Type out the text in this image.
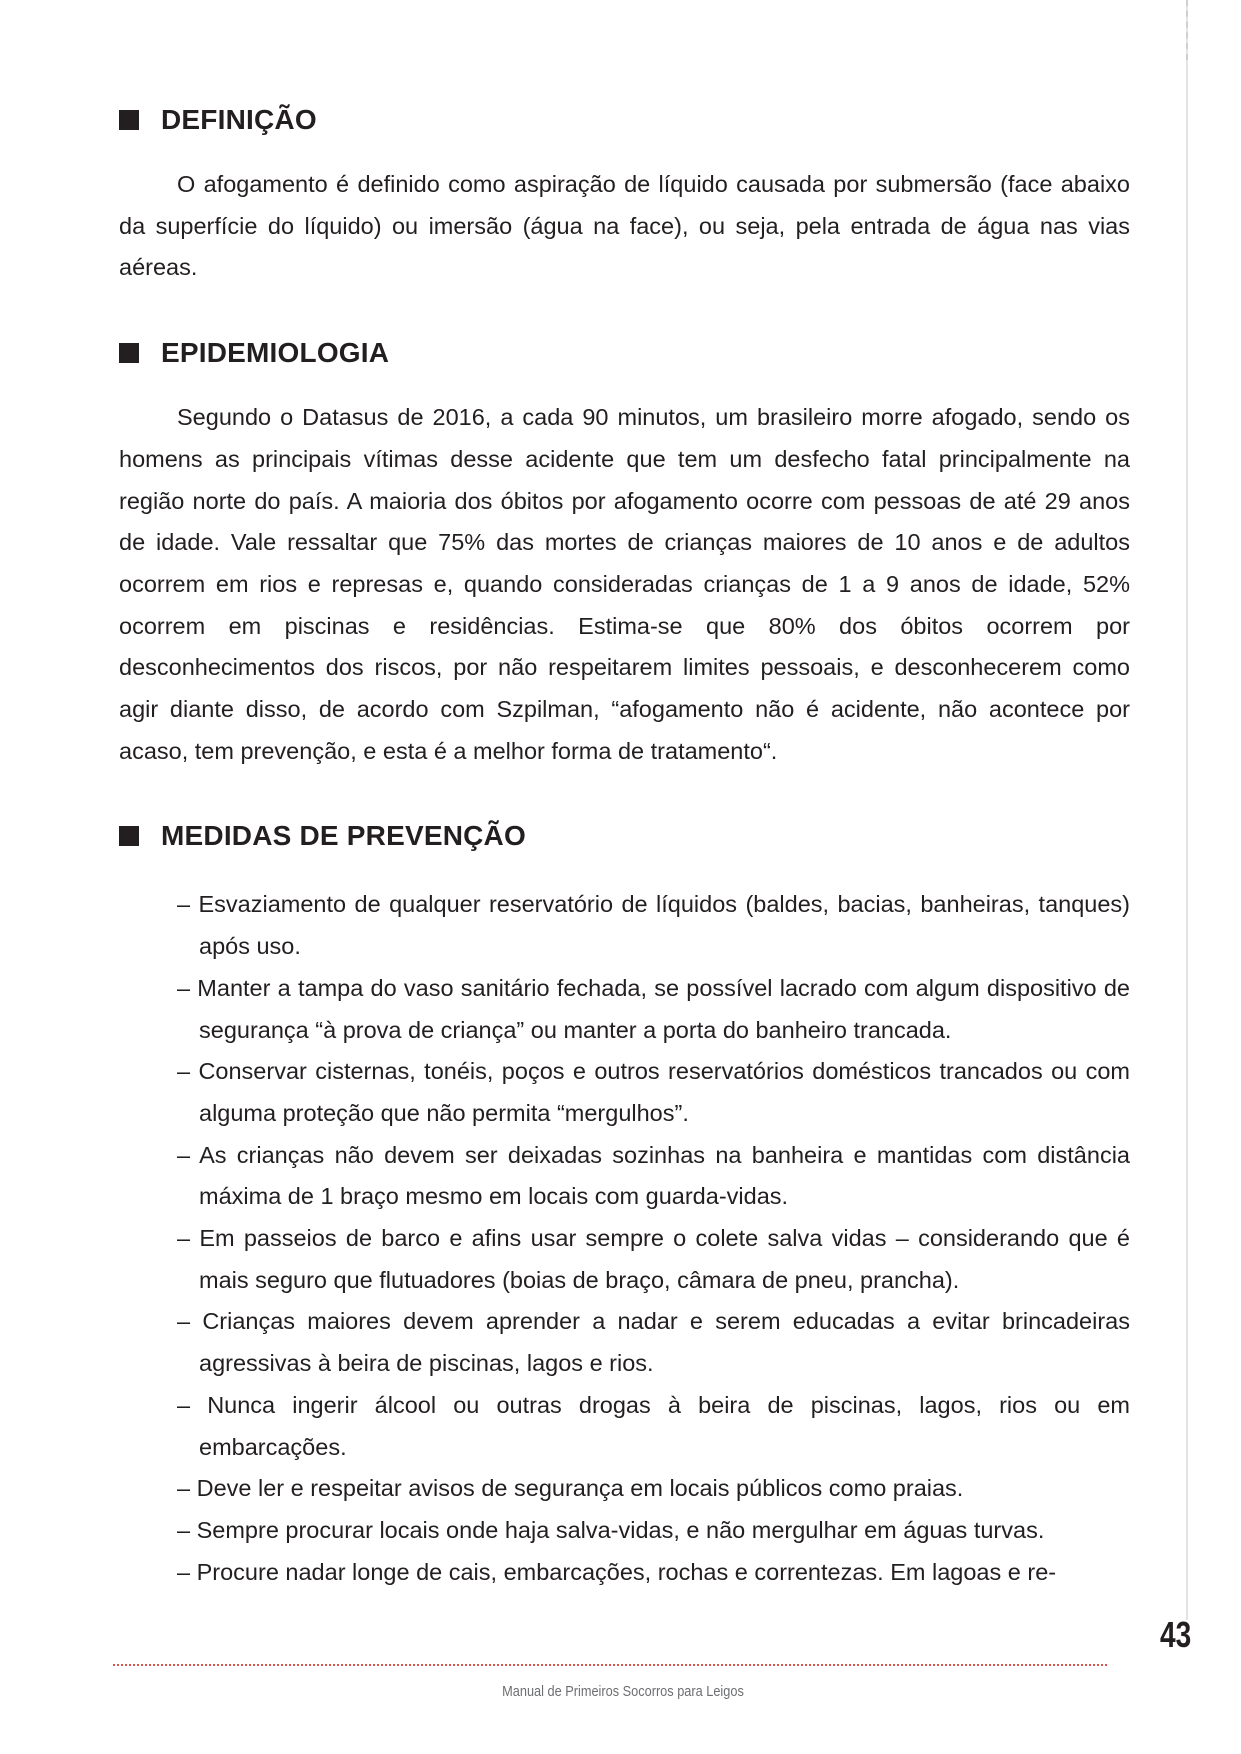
DEFINIÇÃO

O afogamento é definido como aspiração de líquido causada por submersão (face abaixo da superfície do líquido) ou imersão (água na face), ou seja, pela entrada de água nas vias aéreas.

EPIDEMIOLOGIA

Segundo o Datasus de 2016, a cada 90 minutos, um brasileiro morre afogado, sendo os homens as principais vítimas desse acidente que tem um desfecho fatal principalmente na região norte do país. A maioria dos óbitos por afogamento ocorre com pessoas de até 29 anos de idade. Vale ressaltar que 75% das mortes de crianças maiores de 10 anos e de adultos ocorrem em rios e represas e, quando consideradas crianças de 1 a 9 anos de idade, 52% ocorrem em piscinas e residências. Estima-se que 80% dos óbitos ocorrem por desconhecimentos dos riscos, por não respeitarem limites pessoais, e desconhecerem como agir diante disso, de acordo com Szpilman, “afogamento não é acidente, não acontece por acaso, tem prevenção, e esta é a melhor forma de tratamento“.

MEDIDAS DE PREVENÇÃO
– Esvaziamento de qualquer reservatório de líquidos (baldes, bacias, banheiras, tanques) após uso.
– Manter a tampa do vaso sanitário fechada, se possível lacrado com algum dispositivo de segurança “à prova de criança” ou manter a porta do banheiro trancada.
– Conservar cisternas, tonéis, poços e outros reservatórios domésticos trancados ou com alguma proteção que não permita “mergulhos”.
– As crianças não devem ser deixadas sozinhas na banheira e mantidas com distância máxima de 1 braço mesmo em locais com guarda-vidas.
– Em passeios de barco e afins usar sempre o colete salva vidas – considerando que é mais seguro que flutuadores (boias de braço, câmara de pneu, prancha).
– Crianças maiores devem aprender a nadar e serem educadas a evitar brincadeiras agressivas à beira de piscinas, lagos e rios.
– Nunca ingerir álcool ou outras drogas à beira de piscinas, lagos, rios ou em embarcações.
– Deve ler e respeitar avisos de segurança em locais públicos como praias.
– Sempre procurar locais onde haja salva-vidas, e não mergulhar em águas turvas.
– Procure nadar longe de cais, embarcações, rochas e correntezas. Em lagoas e re-
43
Manual de Primeiros Socorros para Leigos
